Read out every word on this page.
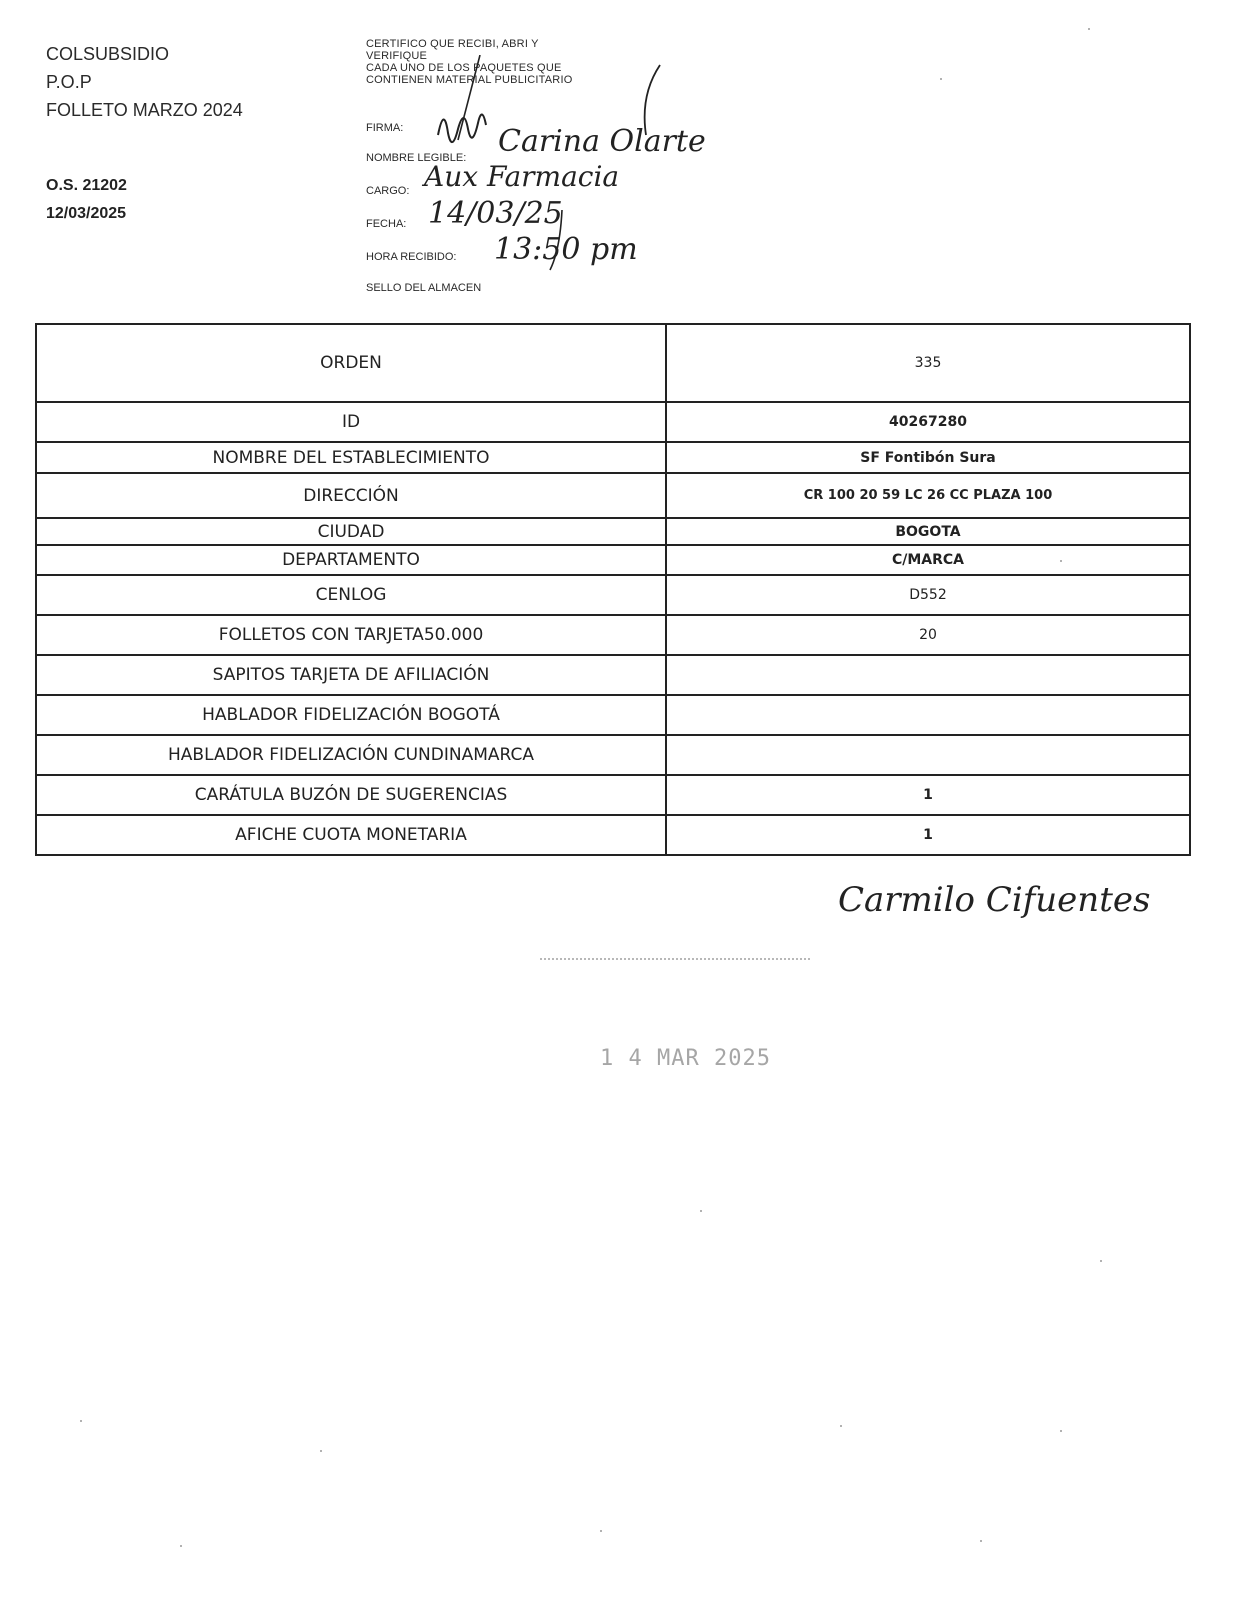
COLSUBSIDIO
P.O.P
FOLLETO MARZO 2024
O.S. 21202
12/03/2025
CERTIFICO QUE RECIBI, ABRI Y
VERIFIQUE
CADA UNO DE LOS PAQUETES QUE
CONTIENEN MATERIAL PUBLICITARIO
FIRMA:
NOMBRE LEGIBLE:
CARGO:
FECHA:
HORA RECIBIDO:
SELLO DEL ALMACEN
Carina Olarte
Aux Farmacia
14/03/25
13:50 pm
ORDEN	335
ID	40267280
NOMBRE DEL ESTABLECIMIENTO	SF Fontibón Sura
DIRECCIÓN	CR 100 20 59 LC 26 CC PLAZA 100
CIUDAD	BOGOTA
DEPARTAMENTO	C/MARCA
CENLOG	D552
FOLLETOS CON TARJETA50.000	20
SAPITOS TARJETA DE AFILIACIÓN	
HABLADOR FIDELIZACIÓN BOGOTÁ	
HABLADOR FIDELIZACIÓN CUNDINAMARCA	
CARÁTULA BUZÓN DE SUGERENCIAS	1
AFICHE CUOTA MONETARIA	1
Carmilo Cifuentes
1 4 MAR 2025
